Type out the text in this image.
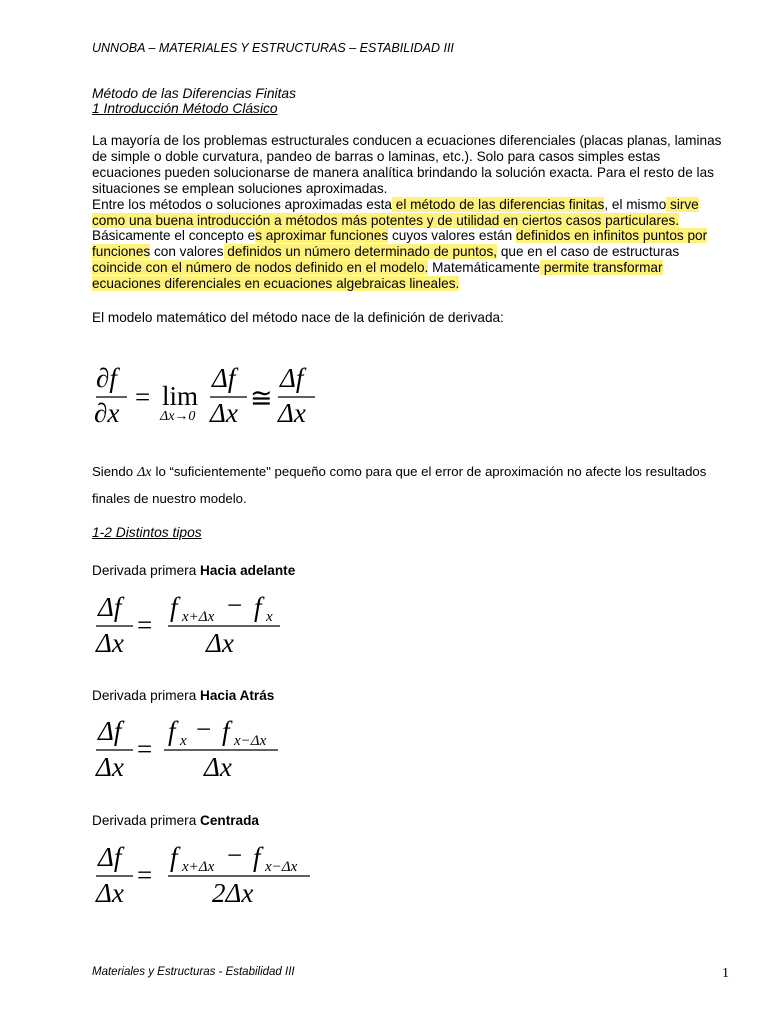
UNNOBA – MATERIALES Y ESTRUCTURAS – ESTABILIDAD III
Método de las Diferencias Finitas
1 Introducción Método Clásico
La mayoría de los problemas estructurales conducen a ecuaciones diferenciales (placas planas, laminas de simple o doble curvatura, pandeo de barras o laminas, etc.). Solo para casos simples estas ecuaciones pueden solucionarse de manera analítica brindando la solución exacta. Para el resto de las situaciones se emplean soluciones aproximadas.
Entre los métodos o soluciones aproximadas esta el método de las diferencias finitas, el mismo sirve como una buena introducción a métodos más potentes y de utilidad en ciertos casos particulares. Básicamente el concepto es aproximar funciones cuyos valores están definidos en infinitos puntos por funciones con valores definidos un número determinado de puntos, que en el caso de estructuras coincide con el número de nodos definido en el modelo. Matemáticamente permite transformar ecuaciones diferenciales en ecuaciones algebraicas lineales.
El modelo matemático del método nace de la definición de derivada:
∂f
∂x
= lim
Δx→0
Δf
Δx ≅
Δf
Δx
Siendo Δx lo “suficientemente" pequeño como para que el error de aproximación no afecte los resultados finales de nuestro modelo.
1-2 Distintos tipos
Derivada primera Hacia adelante
Δf
Δx
=
f x+Δx − f x
Δx
Derivada primera Hacia Atrás
Δf
Δx
=
f x − f x−Δx
Δx
Derivada primera Centrada
Δf
Δx
=
f x+Δx − f x−Δx
2Δx
Materiales y Estructuras - Estabilidad III	1
